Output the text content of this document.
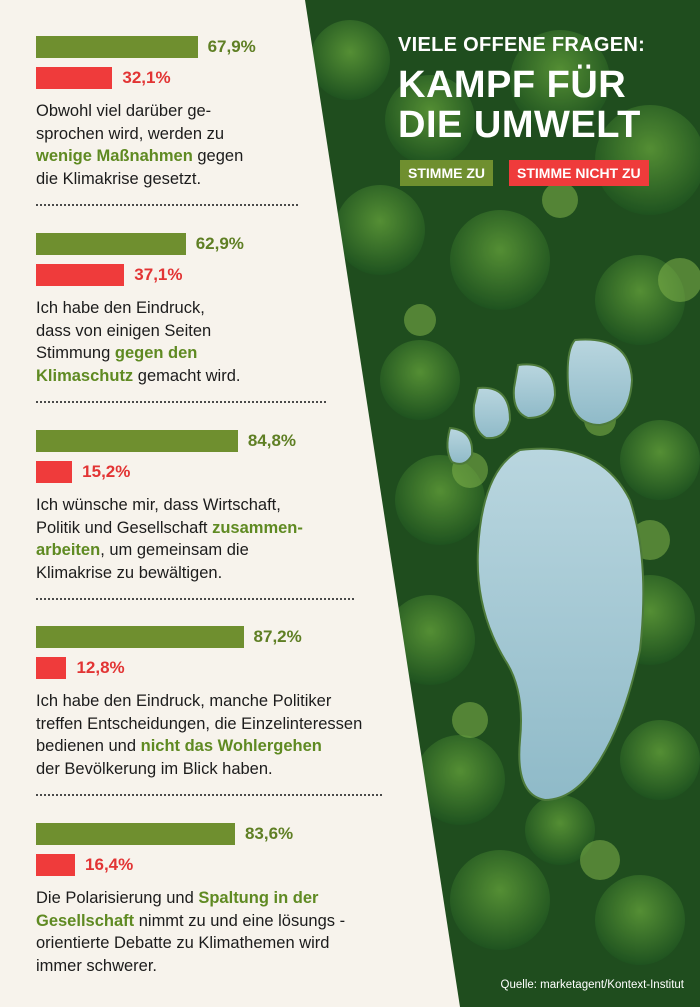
VIELE OFFENE FRAGEN:
KAMPF FÜR
DIE UMWELT
STIMME ZU	STIMME NICHT ZU
67,9%
32,1%
Obwohl viel darüber ge-
sprochen wird, werden zu
wenige Maßnahmen gegen
die Klimakrise gesetzt.
62,9%
37,1%
Ich habe den Eindruck,
dass von einigen Seiten
Stimmung gegen den
Klimaschutz gemacht wird.
84,8%
15,2%
Ich wünsche mir, dass Wirtschaft,
Politik und Gesellschaft zusammen-
arbeiten, um gemeinsam die
Klimakrise zu bewältigen.
87,2%
12,8%
Ich habe den Eindruck, manche Politiker
treffen Entscheidungen, die Einzelinteressen
bedienen und nicht das Wohlergehen
der Bevölkerung im Blick haben.
83,6%
16,4%
Die Polarisierung und Spaltung in der
Gesellschaft nimmt zu und eine lösungs -
orientierte Debatte zu Klimathemen wird
immer schwerer.
Quelle: marketagent/Kontext-Institut
